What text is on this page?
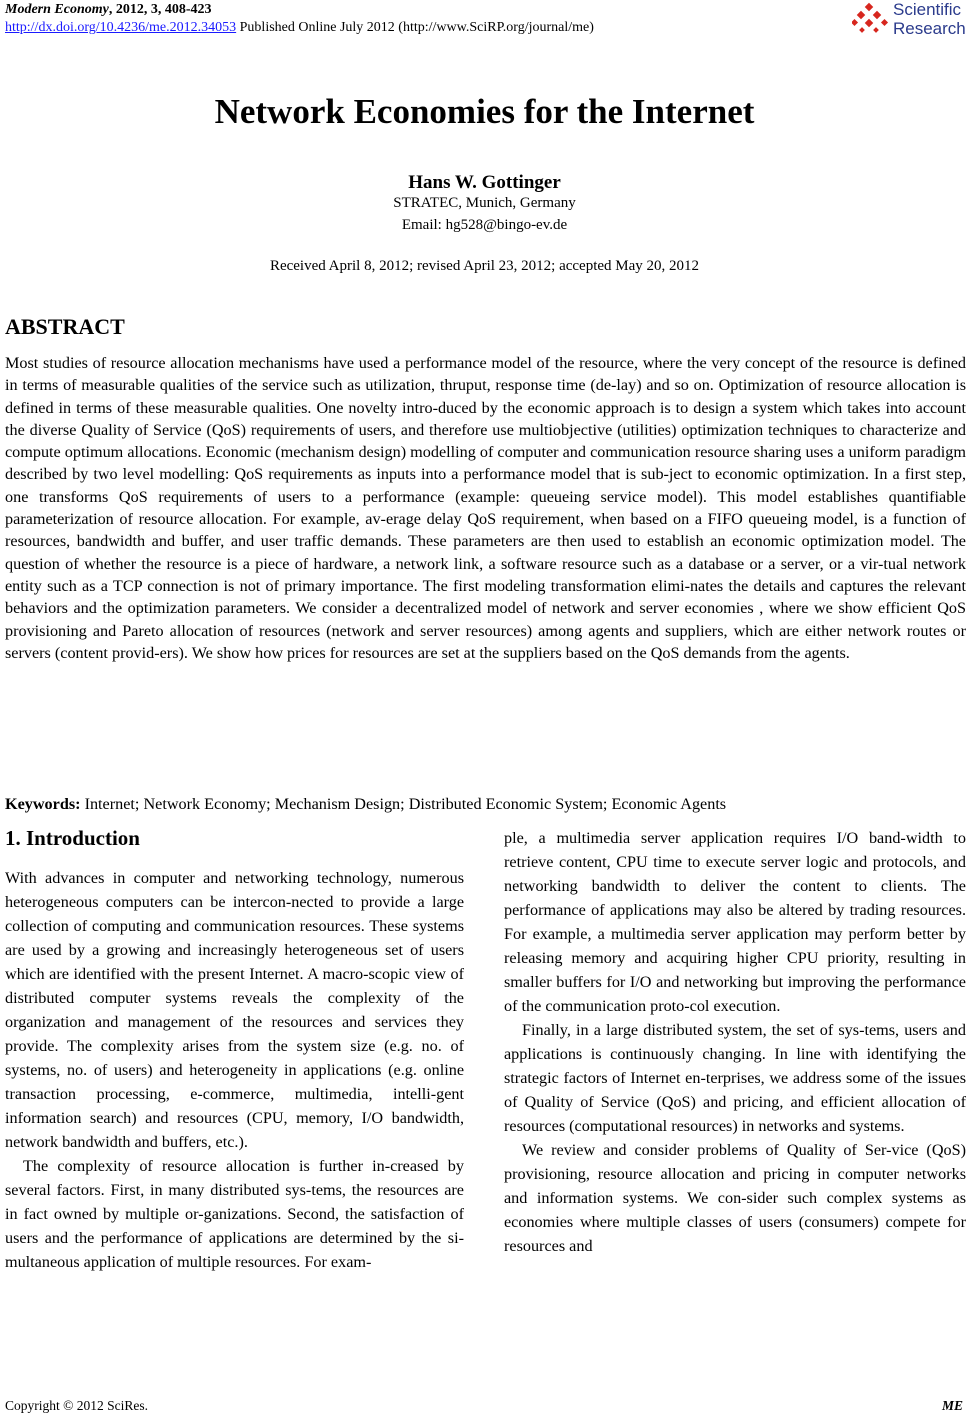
Modern Economy, 2012, 3, 408-423
http://dx.doi.org/10.4236/me.2012.34053 Published Online July 2012 (http://www.SciRP.org/journal/me)
Scientific
Research
Network Economies for the Internet
Hans W. Gottinger
STRATEC, Munich, Germany
Email: hg528@bingo-ev.de
Received April 8, 2012; revised April 23, 2012; accepted May 20, 2012
ABSTRACT
Most studies of resource allocation mechanisms have used a performance model of the resource, where the very concept of the resource is defined in terms of measurable qualities of the service such as utilization, thruput, response time (de-lay) and so on. Optimization of resource allocation is defined in terms of these measurable qualities. One novelty intro-duced by the economic approach is to design a system which takes into account the diverse Quality of Service (QoS) requirements of users, and therefore use multiobjective (utilities) optimization techniques to characterize and compute optimum allocations. Economic (mechanism design) modelling of computer and communication resource sharing uses a uniform paradigm described by two level modelling: QoS requirements as inputs into a performance model that is sub-ject to economic optimization. In a first step, one transforms QoS requirements of users to a performance (example: queueing service model). This model establishes quantifiable parameterization of resource allocation. For example, av-erage delay QoS requirement, when based on a FIFO queueing model, is a function of resources, bandwidth and buffer, and user traffic demands. These parameters are then used to establish an economic optimization model. The question of whether the resource is a piece of hardware, a network link, a software resource such as a database or a server, or a vir-tual network entity such as a TCP connection is not of primary importance. The first modeling transformation elimi-nates the details and captures the relevant behaviors and the optimization parameters. We consider a decentralized model of network and server economies , where we show efficient QoS provisioning and Pareto allocation of resources (network and server resources) among agents and suppliers, which are either network routes or servers (content provid-ers). We show how prices for resources are set at the suppliers based on the QoS demands from the agents.
Keywords: Internet; Network Economy; Mechanism Design; Distributed Economic System; Economic Agents
1. Introduction

With advances in computer and networking technology, numerous heterogeneous computers can be intercon-nected to provide a large collection of computing and communication resources. These systems are used by a growing and increasingly heterogeneous set of users which are identified with the present Internet. A macro-scopic view of distributed computer systems reveals the complexity of the organization and management of the resources and services they provide. The complexity arises from the system size (e.g. no. of systems, no. of users) and heterogeneity in applications (e.g. online transaction processing, e-commerce, multimedia, intelli-gent information search) and resources (CPU, memory, I/O bandwidth, network bandwidth and buffers, etc.).

The complexity of resource allocation is further in-creased by several factors. First, in many distributed sys-tems, the resources are in fact owned by multiple or-ganizations. Second, the satisfaction of users and the performance of applications are determined by the si-multaneous application of multiple resources. For exam-

ple, a multimedia server application requires I/O band-width to retrieve content, CPU time to execute server logic and protocols, and networking bandwidth to deliver the content to clients. The performance of applications may also be altered by trading resources. For example, a multimedia server application may perform better by releasing memory and acquiring higher CPU priority, resulting in smaller buffers for I/O and networking but improving the performance of the communication proto-col execution.

Finally, in a large distributed system, the set of sys-tems, users and applications is continuously changing. In line with identifying the strategic factors of Internet en-terprises, we address some of the issues of Quality of Service (QoS) and pricing, and efficient allocation of resources (computational resources) in networks and systems.

We review and consider problems of Quality of Ser-vice (QoS) provisioning, resource allocation and pricing in computer networks and information systems. We con-sider such complex systems as economies where multiple classes of users (consumers) compete for resources and

Copyright © 2012 SciRes.	ME
